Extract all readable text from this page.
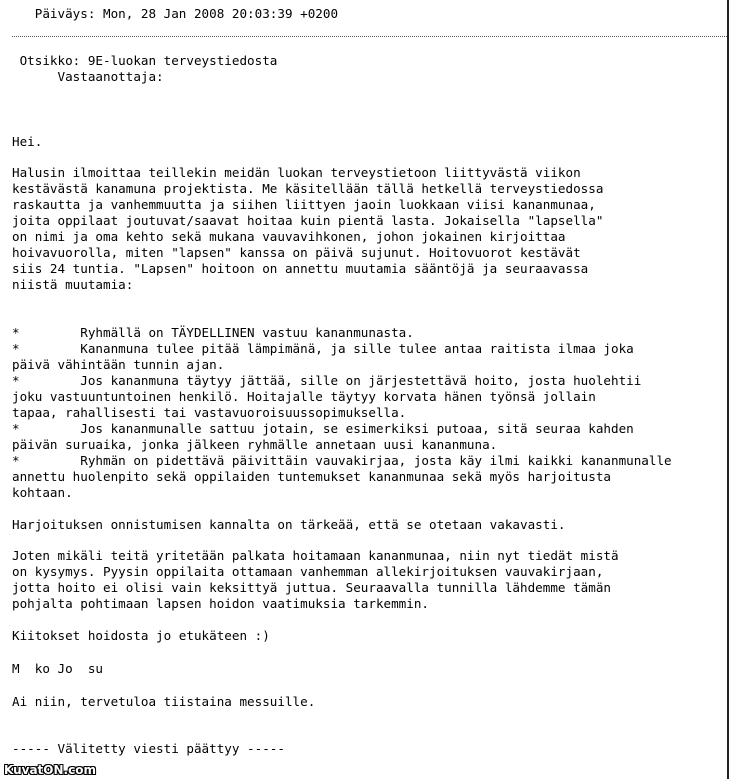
Päiväys: Mon, 28 Jan 2008 20:03:39 +0200
Otsikko: 9E-luokan terveystiedosta
Vastaanottaja:
Hei.
Halusin ilmoittaa teillekin meidän luokan terveystietoon liittyvästä viikon
kestävästä kanamuna projektista. Me käsitellään tällä hetkellä terveystiedossa
raskautta ja vanhemmuutta ja siihen liittyen jaoin luokkaan viisi kananmunaa,
joita oppilaat joutuvat/saavat hoitaa kuin pientä lasta. Jokaisella "lapsella"
on nimi ja oma kehto sekä mukana vauvavihkonen, johon jokainen kirjoittaa
hoivavuorolla, miten "lapsen" kanssa on päivä sujunut. Hoitovuorot kestävät
siis 24 tuntia. "Lapsen" hoitoon on annettu muutamia sääntöjä ja seuraavassa
niistä muutamia:
*        Ryhmällä on TÄYDELLINEN vastuu kananmunasta.
*        Kananmuna tulee pitää lämpimänä, ja sille tulee antaa raitista ilmaa joka
päivä vähintään tunnin ajan.
*        Jos kananmuna täytyy jättää, sille on järjestettävä hoito, josta huolehtii
joku vastuuntuntoinen henkilö. Hoitajalle täytyy korvata hänen työnsä jollain
tapaa, rahallisesti tai vastavuoroisuussopimuksella.
*        Jos kananmunalle sattuu jotain, se esimerkiksi putoaa, sitä seuraa kahden
päivän suruaika, jonka jälkeen ryhmälle annetaan uusi kananmuna.
*        Ryhmän on pidettävä päivittäin vauvakirjaa, josta käy ilmi kaikki kananmunalle
annettu huolenpito sekä oppilaiden tuntemukset kananmunaa sekä myös harjoitusta
kohtaan.
Harjoituksen onnistumisen kannalta on tärkeää, että se otetaan vakavasti.
Joten mikäli teitä yritetään palkata hoitamaan kananmunaa, niin nyt tiedät mistä
on kysymys. Pyysin oppilaita ottamaan vanhemman allekirjoituksen vauvakirjaan,
jotta hoito ei olisi vain keksittyä juttua. Seuraavalla tunnilla lähdemme tämän
pohjalta pohtimaan lapsen hoidon vaatimuksia tarkemmin.
Kiitokset hoidosta jo etukäteen :)
M  ko Jo  su
Ai niin, tervetuloa tiistaina messuille.
----- Välitetty viesti päättyy -----
KuvatON.com
